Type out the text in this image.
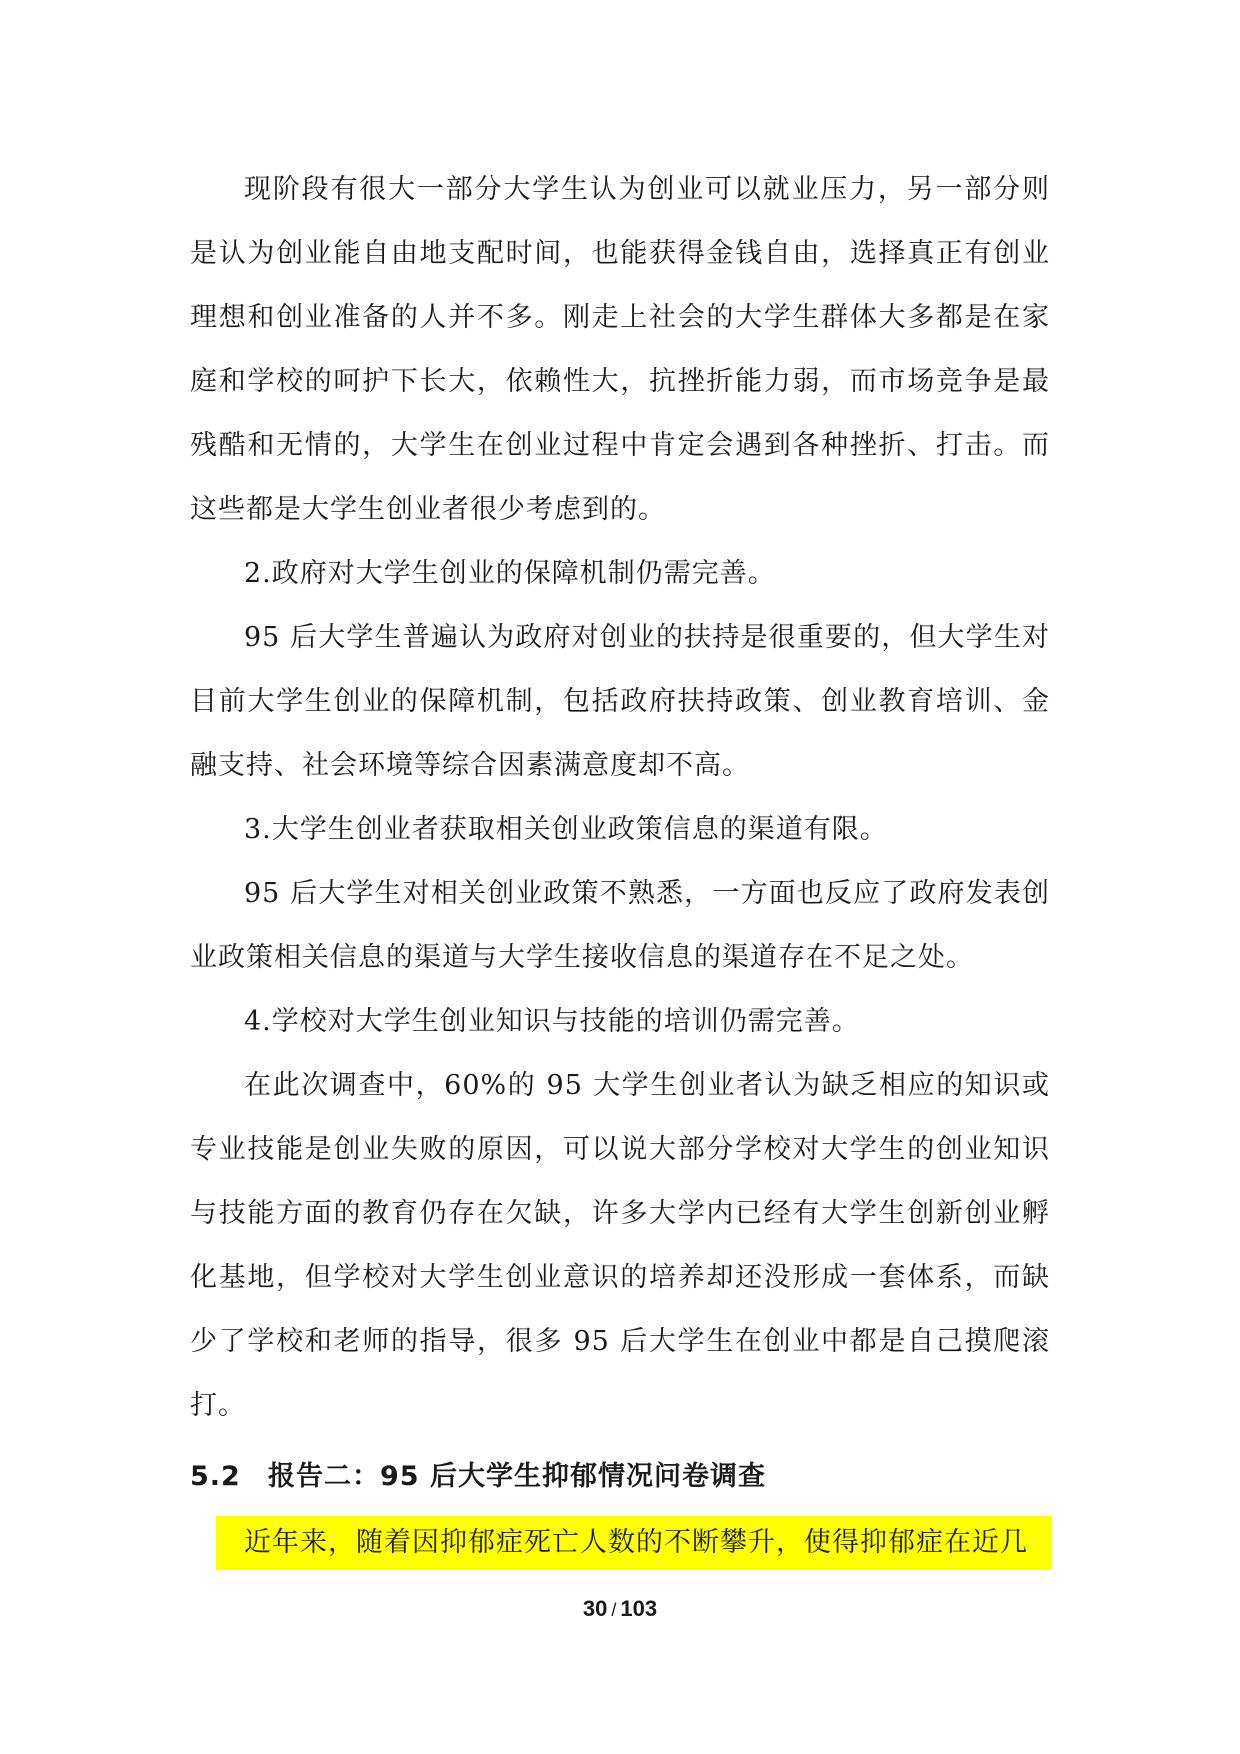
现阶段有很大一部分大学生认为创业可以就业压力，另一部分则是认为创业能自由地支配时间，也能获得金钱自由，选择真正有创业理想和创业准备的人并不多。刚走上社会的大学生群体大多都是在家庭和学校的呵护下长大，依赖性大，抗挫折能力弱，而市场竞争是最残酷和无情的，大学生在创业过程中肯定会遇到各种挫折、打击。而这些都是大学生创业者很少考虑到的。

2.政府对大学生创业的保障机制仍需完善。

95 后大学生普遍认为政府对创业的扶持是很重要的，但大学生对目前大学生创业的保障机制，包括政府扶持政策、创业教育培训、金融支持、社会环境等综合因素满意度却不高。

3.大学生创业者获取相关创业政策信息的渠道有限。

95 后大学生对相关创业政策不熟悉，一方面也反应了政府发表创业政策相关信息的渠道与大学生接收信息的渠道存在不足之处。

4.学校对大学生创业知识与技能的培训仍需完善。

在此次调查中，60%的 95 大学生创业者认为缺乏相应的知识或专业技能是创业失败的原因，可以说大部分学校对大学生的创业知识与技能方面的教育仍存在欠缺，许多大学内已经有大学生创新创业孵化基地，但学校对大学生创业意识的培养却还没形成一套体系，而缺少了学校和老师的指导，很多 95 后大学生在创业中都是自己摸爬滚打。

5.2 报告二：95 后大学生抑郁情况问卷调查

近年来，随着因抑郁症死亡人数的不断攀升，使得抑郁症在近几

30 / 103
